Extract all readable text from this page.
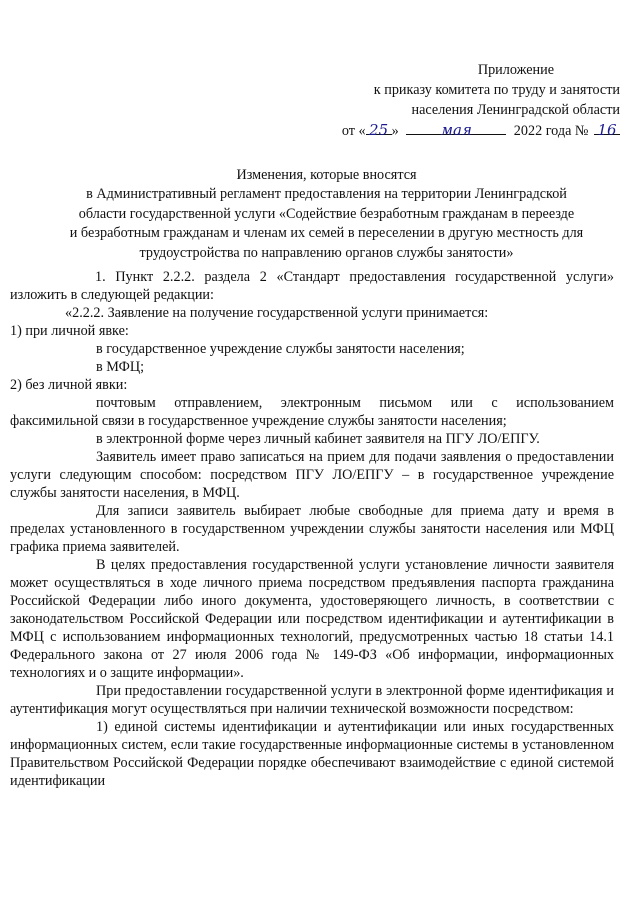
Приложение
к приказу комитета по труду и занятости
населения Ленинградской области
от « 25 »	мая	2022 года № 16
Изменения, которые вносятся
в Административный регламент предоставления на территории Ленинградской
области государственной услуги «Содействие безработным гражданам в переезде
и безработным гражданам и членам их семей в переселении в другую местность для
трудоустройства по направлению органов службы занятости»

1. Пункт 2.2.2. раздела 2 «Стандарт предоставления государственной услуги» изложить в следующей редакции:

«2.2.2. Заявление на получение государственной услуги принимается:

1) при личной явке:

в государственное учреждение службы занятости населения;

в МФЦ;

2) без личной явки:

почтовым отправлением, электронным письмом или с использованием факсимильной связи в государственное учреждение службы занятости населения;

в электронной форме через личный кабинет заявителя на ПГУ ЛО/ЕПГУ.

Заявитель имеет право записаться на прием для подачи заявления о предоставлении услуги следующим способом: посредством ПГУ ЛО/ЕПГУ – в государственное учреждение службы занятости населения, в МФЦ.

Для записи заявитель выбирает любые свободные для приема дату и время в пределах установленного в государственном учреждении службы занятости населения или МФЦ графика приема заявителей.

В целях предоставления государственной услуги установление личности заявителя может осуществляться в ходе личного приема посредством предъявления паспорта гражданина Российской Федерации либо иного документа, удостоверяющего личность, в соответствии с законодательством Российской Федерации или посредством идентификации и аутентификации в МФЦ с использованием информационных технологий, предусмотренных частью 18 статьи 14.1 Федерального закона от 27 июля 2006 года № 149-ФЗ «Об информации, информационных технологиях и о защите информации».

При предоставлении государственной услуги в электронной форме идентификация и аутентификация могут осуществляться при наличии технической возможности посредством:

1) единой системы идентификации и аутентификации или иных государственных информационных систем, если такие государственные информационные системы в установленном Правительством Российской Федерации порядке обеспечивают взаимодействие с единой системой идентификации
